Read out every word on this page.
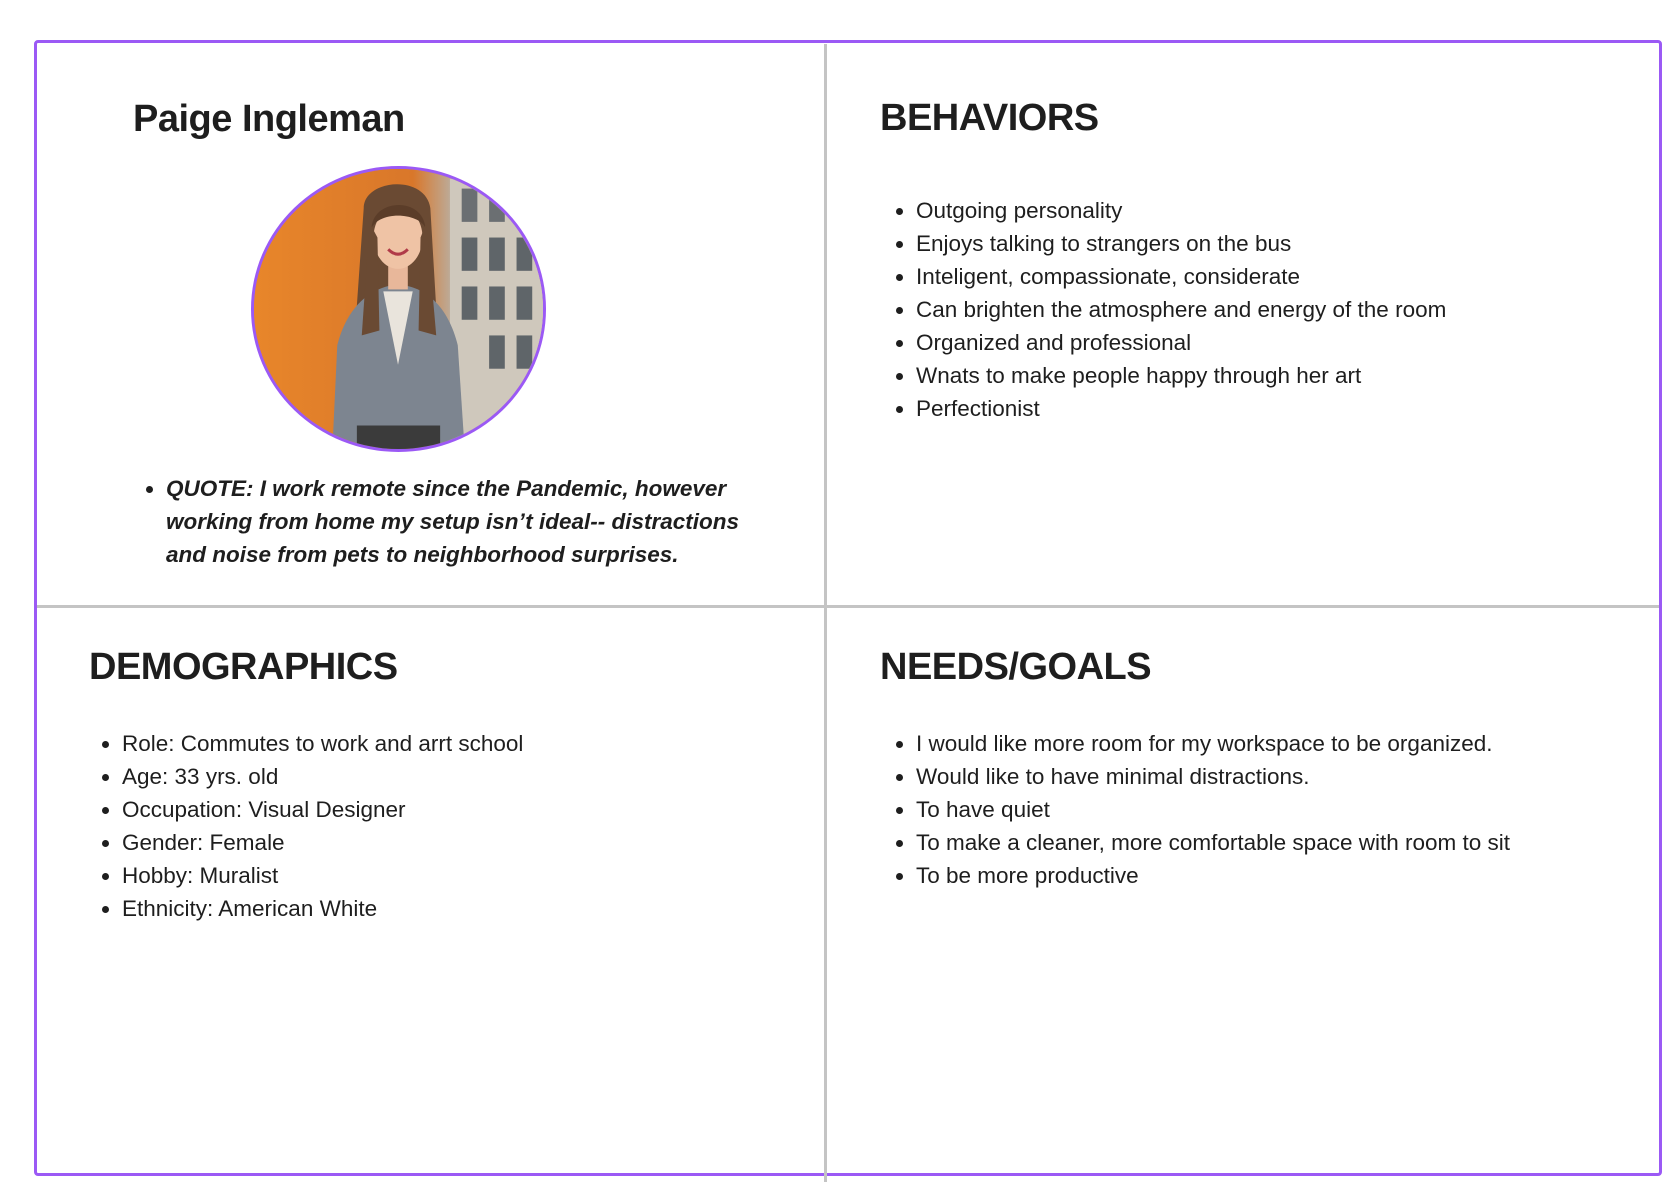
Paige Ingleman
• QUOTE: I work remote since the Pandemic, however working from home my setup isn’t ideal-- distractions and noise from pets to neighborhood surprises.
BEHAVIORS
• Outgoing personality
• Enjoys talking to strangers on the bus
• Inteligent, compassionate, considerate
• Can brighten the atmosphere and energy of the room
• Organized and professional
• Wnats to make people happy through her art
• Perfectionist
DEMOGRAPHICS
• Role: Commutes to work and arrt school
• Age: 33 yrs. old
• Occupation: Visual Designer
• Gender: Female
• Hobby: Muralist
• Ethnicity: American White
NEEDS/GOALS
• I would like more room for my workspace to be organized.
• Would like to have minimal distractions.
• To have quiet
• To make a cleaner, more comfortable space with room to sit
• To be more productive
